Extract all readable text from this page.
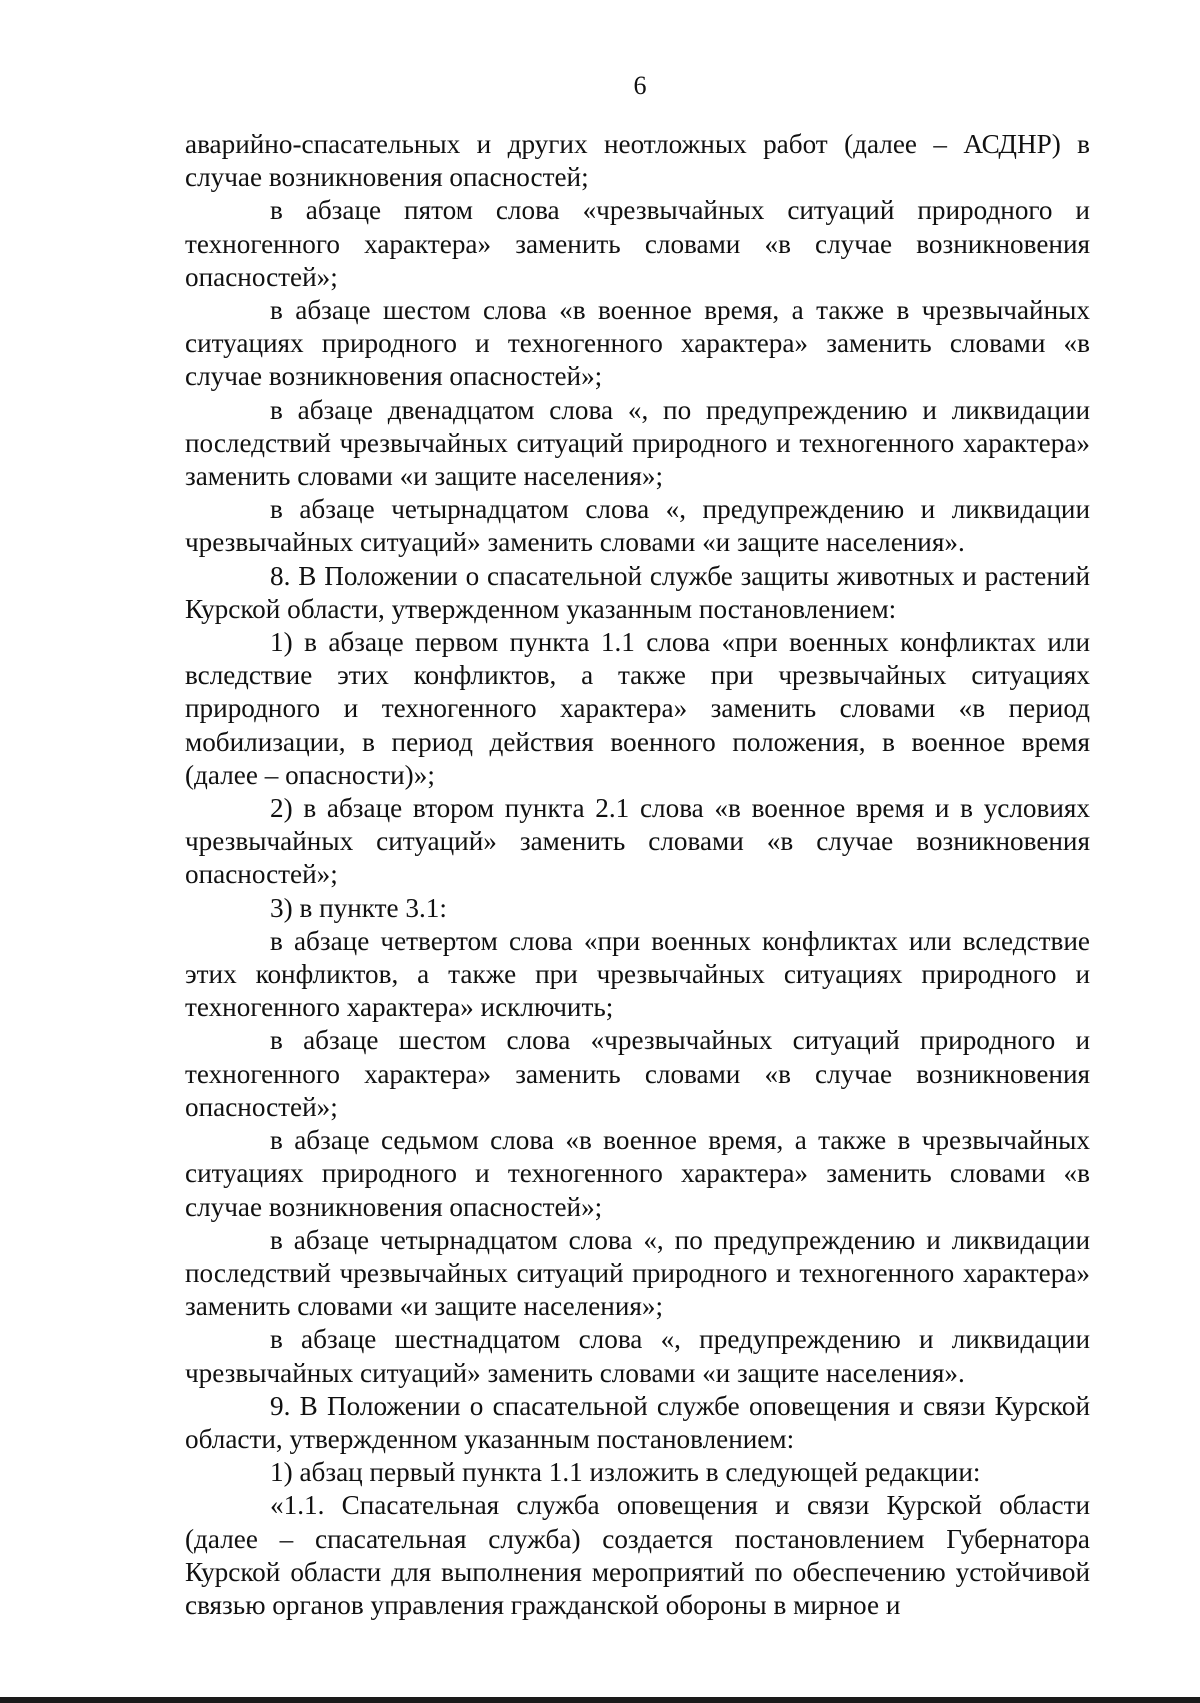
6

аварийно-спасательных и других неотложных работ (далее – АСДНР) в случае возникновения опасностей;

в абзаце пятом слова «чрезвычайных ситуаций природного и техногенного характера» заменить словами «в случае возникновения опасностей»;

в абзаце шестом слова «в военное время, а также в чрезвычайных ситуациях природного и техногенного характера» заменить словами «в случае возникновения опасностей»;

в абзаце двенадцатом слова «, по предупреждению и ликвидации последствий чрезвычайных ситуаций природного и техногенного характера» заменить словами «и защите населения»;

в абзаце четырнадцатом слова «, предупреждению и ликвидации чрезвычайных ситуаций» заменить словами «и защите населения».

8. В Положении о спасательной службе защиты животных и растений Курской области, утвержденном указанным постановлением:

1) в абзаце первом пункта 1.1 слова «при военных конфликтах или вследствие этих конфликтов, а также при чрезвычайных ситуациях природного и техногенного характера» заменить словами «в период мобилизации, в период действия военного положения, в военное время (далее – опасности)»;

2) в абзаце втором пункта 2.1 слова «в военное время и в условиях чрезвычайных ситуаций» заменить словами «в случае возникновения опасностей»;

3) в пункте 3.1:

в абзаце четвертом слова «при военных конфликтах или вследствие этих конфликтов, а также при чрезвычайных ситуациях природного и техногенного характера» исключить;

в абзаце шестом слова «чрезвычайных ситуаций природного и техногенного характера» заменить словами «в случае возникновения опасностей»;

в абзаце седьмом слова «в военное время, а также в чрезвычайных ситуациях природного и техногенного характера» заменить словами «в случае возникновения опасностей»;

в абзаце четырнадцатом слова «, по предупреждению и ликвидации последствий чрезвычайных ситуаций природного и техногенного характера» заменить словами «и защите населения»;

в абзаце шестнадцатом слова «, предупреждению и ликвидации чрезвычайных ситуаций» заменить словами «и защите населения».

9. В Положении о спасательной службе оповещения и связи Курской области, утвержденном указанным постановлением:

1) абзац первый пункта 1.1 изложить в следующей редакции:

«1.1. Спасательная служба оповещения и связи Курской области (далее – спасательная служба) создается постановлением Губернатора Курской области для выполнения мероприятий по обеспечению устойчивой связью органов управления гражданской обороны в мирное и
